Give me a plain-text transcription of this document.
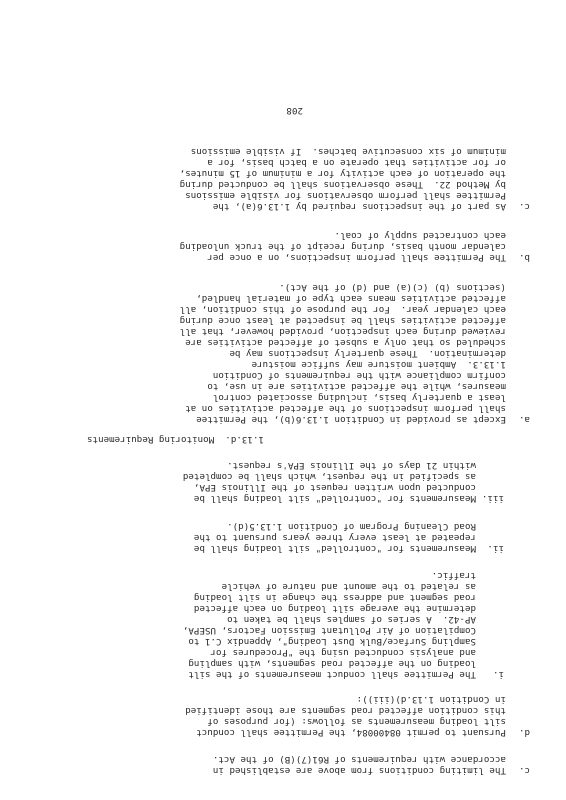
The limiting conditions from above are established in c.

accordance with requirements of R61(7)(B) of the Act.

d.

Pursuant to permit 08400084, the Permittee shall conduct

silt loading measurements as follows: (for purposes of

this condition affected road segments are those identified

in Condition 1.13.d)(iii)):

i.

The Permittee shall conduct measurements of the silt

loading on the affected road segments, with sampling

and analysis conducted using the "Procedures for

Sampling Surface/Bulk Dust Loading", Appendix C.1 to

Compilation of Air Pollutant Emission Factors, USEPA,

AP-42.  A series of samples shall be taken to

determine the average silt loading on each affected

road segment and address the change in silt loading

as related to the amount and nature of vehicle

traffic.

ii.

Measurements for "controlled" silt loading shall be

repeated at least every three years pursuant to the

Road Cleaning Program of Condition 1.13.5(d).

iii.

Measurements for "controlled" silt loading shall be

conducted upon written request of the Illinois EPA,

as specified in the request, which shall be completed

within 21 days of the Illinois EPA's request.

1.13.d.  Monitoring Requirements

a.

Except as provided in Condition 1.13.6(b), the Permittee

shall perform inspections of the affected activities on at

least a quarterly basis, including associated control

measures, while the affected activities are in use, to

confirm compliance with the requirements of Condition

1.13.3.  Ambient moisture may suffice moisture

determination.  These quarterly inspections may be

scheduled so that only a subset of affected activities are

reviewed during each inspection, provided however, that all

affected activities shall be inspected at least once during

each calendar year.  For the purpose of this condition, all

affected activities means each type of material handled,

(sections (b) (c)(a) and (d) of the Act).

b.

The Permittee shall perform inspections, on a once per

calendar month basis, during receipt of the truck unloading

each contracted supply of coal.

c.

As part of the inspections required by 1.13.6(a), the

Permittee shall perform observations for visible emissions

by Method 22.  These observations shall be conducted during

the operation of each activity for a minimum of 15 minutes,

or for activities that operate on a batch basis, for a

minimum of six consecutive batches.  If visible emissions

208
